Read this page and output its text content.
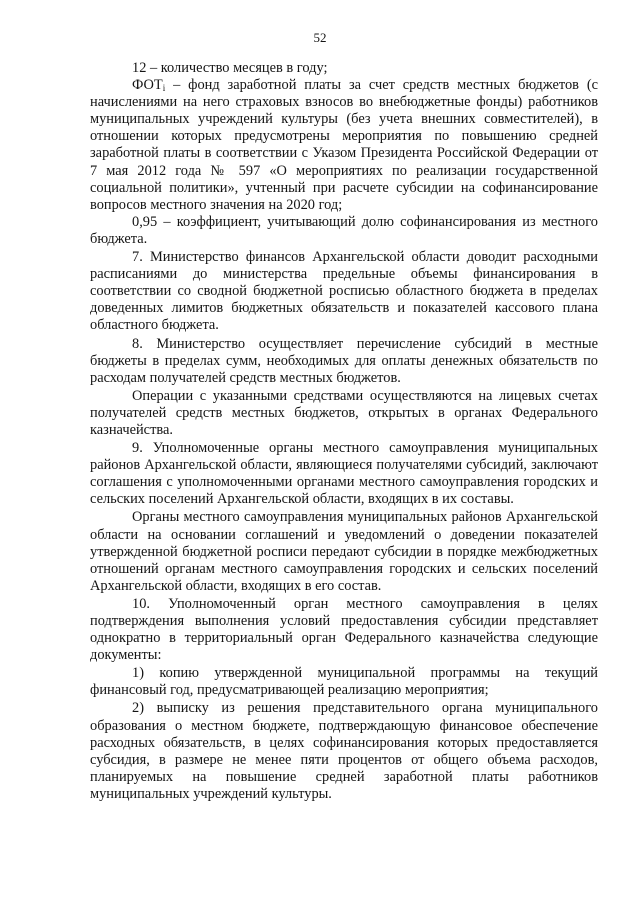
52

12 – количество месяцев в году;

$ФОТ_i$ – фонд заработной платы за счет средств местных бюджетов (с начислениями на него страховых взносов во внебюджетные фонды) работников муниципальных учреждений культуры (без учета внешних совместителей), в отношении которых предусмотрены мероприятия по повышению средней заработной платы в соответствии с Указом Президента Российской Федерации от 7 мая 2012 года № 597 «О мероприятиях по реализации государственной социальной политики», учтенный при расчете субсидии на софинансирование вопросов местного значения на 2020 год;

0,95 – коэффициент, учитывающий долю софинансирования из местного бюджета.

7. Министерство финансов Архангельской области доводит расходными расписаниями до министерства предельные объемы финансирования в соответствии со сводной бюджетной росписью областного бюджета в пределах доведенных лимитов бюджетных обязательств и показателей кассового плана областного бюджета.

8. Министерство осуществляет перечисление субсидий в местные бюджеты в пределах сумм, необходимых для оплаты денежных обязательств по расходам получателей средств местных бюджетов.

Операции с указанными средствами осуществляются на лицевых счетах получателей средств местных бюджетов, открытых в органах Федерального казначейства.

9. Уполномоченные органы местного самоуправления муниципальных районов Архангельской области, являющиеся получателями субсидий, заключают соглашения с уполномоченными органами местного самоуправления городских и сельских поселений Архангельской области, входящих в их составы.

Органы местного самоуправления муниципальных районов Архангельской области на основании соглашений и уведомлений о доведении показателей утвержденной бюджетной росписи передают субсидии в порядке межбюджетных отношений органам местного самоуправления городских и сельских поселений Архангельской области, входящих в его состав.

10. Уполномоченный орган местного самоуправления в целях подтверждения выполнения условий предоставления субсидии представляет однократно в территориальный орган Федерального казначейства следующие документы:

1) копию утвержденной муниципальной программы на текущий финансовый год, предусматривающей реализацию мероприятия;

2) выписку из решения представительного органа муниципального образования о местном бюджете, подтверждающую финансовое обеспечение расходных обязательств, в целях софинансирования которых предоставляется субсидия, в размере не менее пяти процентов от общего объема расходов, планируемых на повышение средней заработной платы работников муниципальных учреждений культуры.
